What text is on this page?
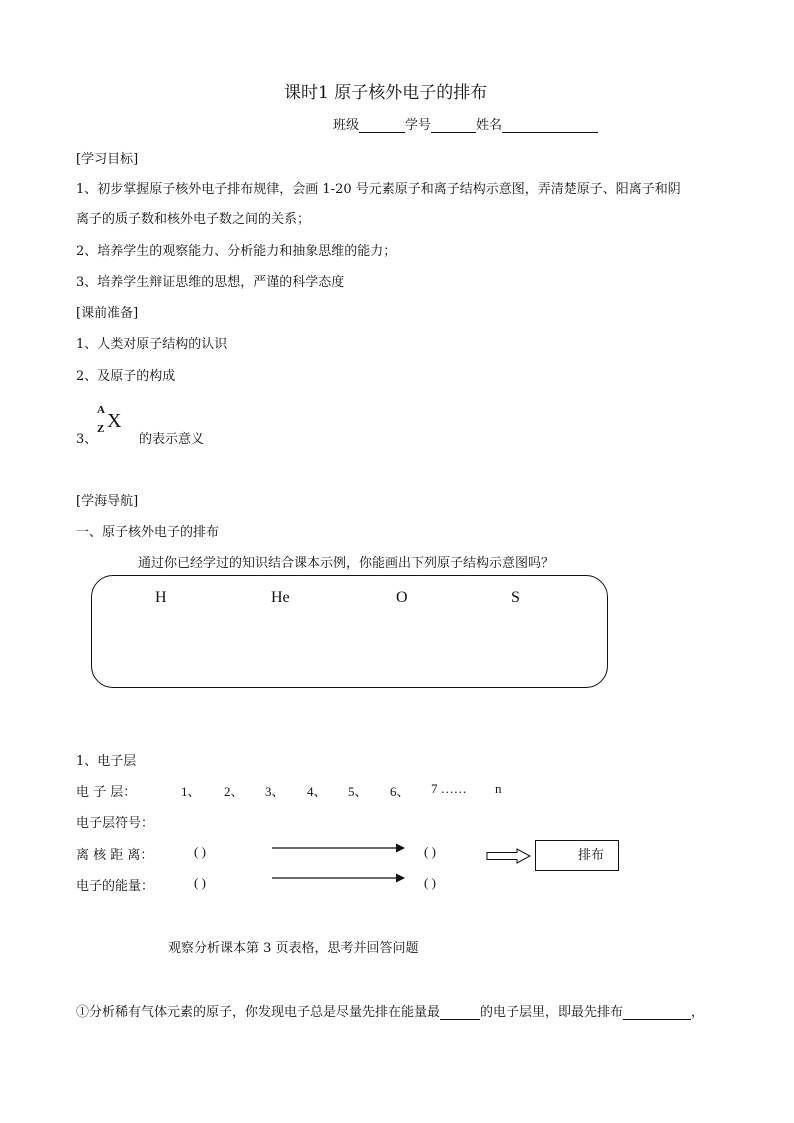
课时1 原子核外电子的排布
班级	学号	姓名
[学习目标]
1、初步掌握原子核外电子排布规律，会画 1-20 号元素原子和离子结构示意图，弄清楚原子、阳离子和阴
离子的质子数和核外电子数之间的关系；
2、培养学生的观察能力、分析能力和抽象思维的能力；
3、培养学生辩证思维的思想，严谨的科学态度
[课前准备]
1、人类对原子结构的认识
2、及原子的构成
3、
A
Z X
的表示意义
[学海导航]
一、原子核外电子的排布
通过你已经学过的知识结合课本示例，你能画出下列原子结构示意图吗？
H	He	O	S
1、电子层
电 子 层：	1、 2、 3、 4、 5、 6、 7 …… n
电子层符号：
离 核 距 离：	( )	( )	排布
电子的能量：	( )	( )
观察分析课本第 3 页表格，思考并回答问题
①分析稀有气体元素的原子，你发现电子总是尽量先排在能量最	的电子层里，即最先排布	，
